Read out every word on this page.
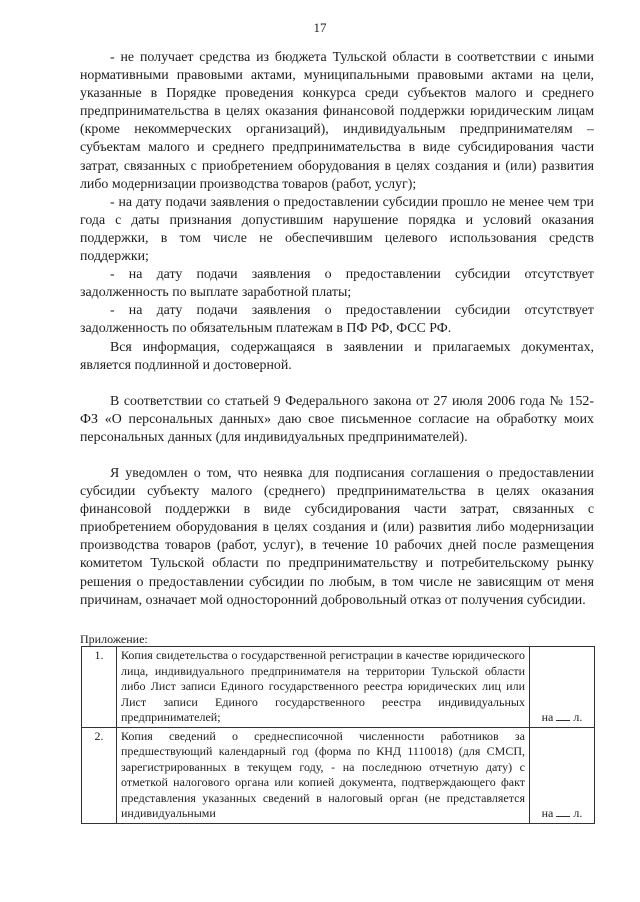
17

- не получает средства из бюджета Тульской области в соответствии с иными нормативными правовыми актами, муниципальными правовыми актами на цели, указанные в Порядке проведения конкурса среди субъектов малого и среднего предпринимательства в целях оказания финансовой поддержки юридическим лицам (кроме некоммерческих организаций), индивидуальным предпринимателям – субъектам малого и среднего предпринимательства в виде субсидирования части затрат, связанных с приобретением оборудования в целях создания и (или) развития либо модернизации производства товаров (работ, услуг);

- на дату подачи заявления о предоставлении субсидии прошло не менее чем три года с даты признания допустившим нарушение порядка и условий оказания поддержки, в том числе не обеспечившим целевого использования средств поддержки;

- на дату подачи заявления о предоставлении субсидии отсутствует задолженность по выплате заработной платы;

- на дату подачи заявления о предоставлении субсидии отсутствует задолженность по обязательным платежам в ПФ РФ, ФСС РФ.

Вся информация, содержащаяся в заявлении и прилагаемых документах, является подлинной и достоверной.

В соответствии со статьей 9 Федерального закона от 27 июля 2006 года № 152-ФЗ «О персональных данных» даю свое письменное согласие на обработку моих персональных данных (для индивидуальных предпринимателей).

Я уведомлен о том, что неявка для подписания соглашения о предоставлении субсидии субъекту малого (среднего) предпринимательства в целях оказания финансовой поддержки в виде субсидирования части затрат, связанных с приобретением оборудования в целях создания и (или) развития либо модернизации производства товаров (работ, услуг), в течение 10 рабочих дней после размещения комитетом Тульской области по предпринимательству и потребительскому рынку решения о предоставлении субсидии по любым, в том числе не зависящим от меня причинам, означает мой односторонний добровольный отказ от получения субсидии.

Приложение:
1.	Копия свидетельства о государственной регистрации в качестве юридического лица, индивидуального предпринимателя на территории Тульской области либо Лист записи Единого государственного реестра юридических лиц или Лист записи Единого государственного реестра индивидуальных предпринимателей;	на л.
2.	Копия сведений о среднесписочной численности работников за предшествующий календарный год (форма по КНД 1110018) (для СМСП, зарегистрированных в текущем году, - на последнюю отчетную дату) с отметкой налогового органа или копией документа, подтверждающего факт представления указанных сведений в налоговый орган (не представляется индивидуальными	на л.
